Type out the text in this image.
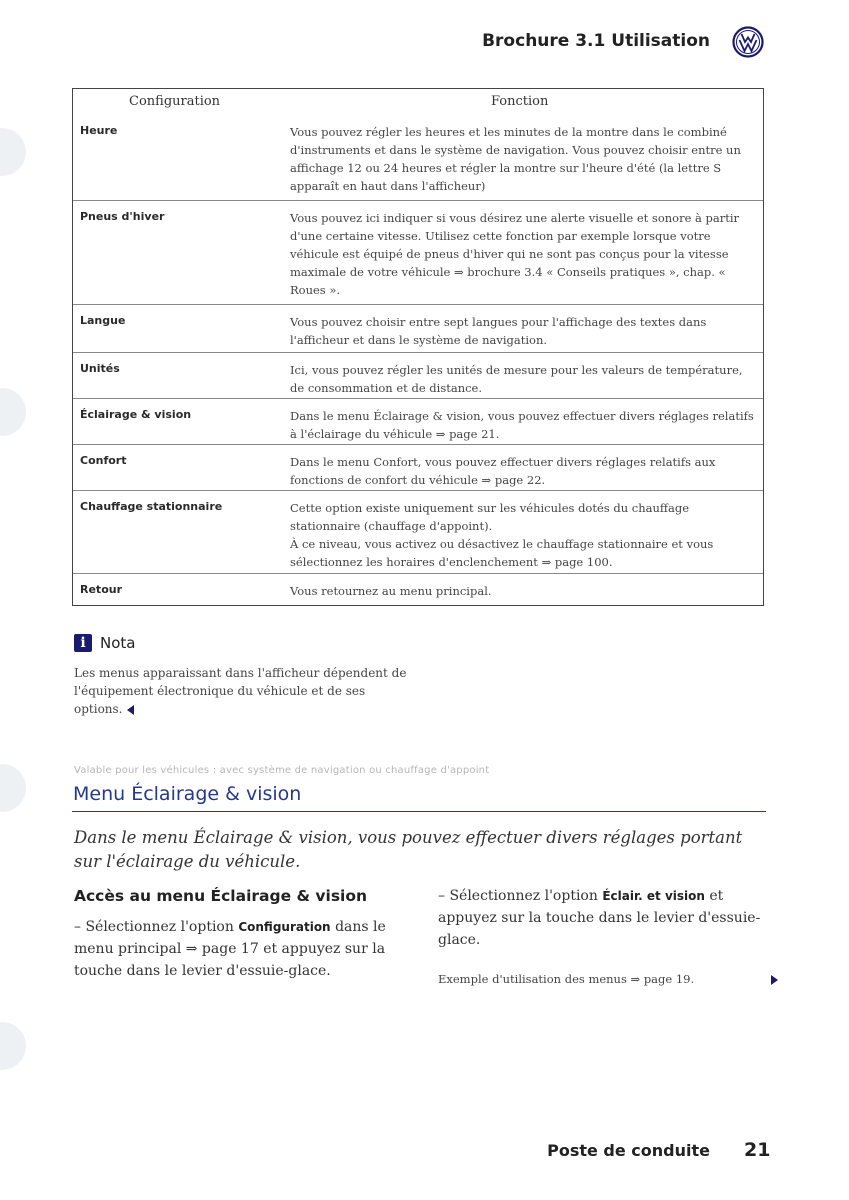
Brochure 3.1 Utilisation
Configuration	Fonction
Heure	Vous pouvez régler les heures et les minutes de la montre dans le combiné d'instruments et dans le système de navigation. Vous pouvez choisir entre un affichage 12 ou 24 heures et régler la montre sur l'heure d'été (la lettre S apparaît en haut dans l'afficheur)
Pneus d'hiver	Vous pouvez ici indiquer si vous désirez une alerte visuelle et sonore à partir d'une certaine vitesse. Utilisez cette fonction par exemple lorsque votre véhicule est équipé de pneus d'hiver qui ne sont pas conçus pour la vitesse maximale de votre véhicule ⇒ brochure 3.4 « Conseils pratiques », chap. « Roues ».
Langue	Vous pouvez choisir entre sept langues pour l'affichage des textes dans l'afficheur et dans le système de navigation.
Unités	Ici, vous pouvez régler les unités de mesure pour les valeurs de température, de consommation et de distance.
Éclairage & vision	Dans le menu Éclairage & vision, vous pouvez effectuer divers réglages relatifs à l'éclairage du véhicule ⇒ page 21.
Confort	Dans le menu Confort, vous pouvez effectuer divers réglages relatifs aux fonctions de confort du véhicule ⇒ page 22.
Chauffage stationnaire	Cette option existe uniquement sur les véhicules dotés du chauffage stationnaire (chauffage d'appoint).
À ce niveau, vous activez ou désactivez le chauffage stationnaire et vous sélectionnez les horaires d'enclenchement ⇒ page 100.
Retour	Vous retournez au menu principal.
i Nota
Les menus apparaissant dans l'afficheur dépendent de l'équipement électronique du véhicule et de ses options.
Valable pour les véhicules : avec système de navigation ou chauffage d'appoint
Menu Éclairage & vision
Dans le menu Éclairage & vision, vous pouvez effectuer divers réglages portant sur l'éclairage du véhicule.
Accès au menu Éclairage & vision
– Sélectionnez l'option Configuration dans le menu principal ⇒ page 17 et appuyez sur la touche dans le levier d'essuie-glace.
– Sélectionnez l'option Éclair. et vision et appuyez sur la touche dans le levier d'essuie-glace.
Exemple d'utilisation des menus ⇒ page 19.
Poste de conduite 21
